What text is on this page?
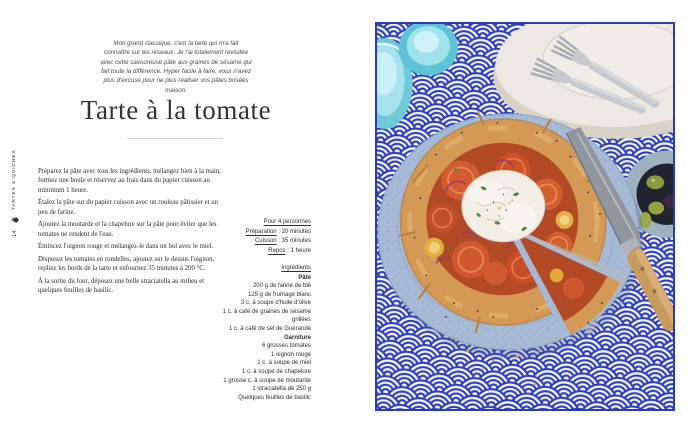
14
TARTES & QUICHES

Mon grand classique, c'est la tarte qui m'a fait connaître sur les réseaux. Je l'ai totalement revisitée avec cette savoureuse pâte aux graines de sésame qui fait toute la différence. Hyper facile à faire, vous n'avez plus d'excuse pour ne plus réaliser vos pâtes brisées maison.

Tarte à la tomate

Préparez la pâte avec tous les ingrédients, mélangez bien à la main, formez une boule et réservez au frais dans du papier cuisson au minimum 1 heure.

Étalez la pâte sur du papier cuisson avec un rouleau pâtissier et un peu de farine.

Ajoutez la moutarde et la chapelure sur la pâte pour éviter que les tomates ne rendent de l'eau.

Émincez l'oignon rouge et mélangez-le dans un bol avec le miel.

Disposez les tomates en rondelles, ajoutez sur le dessus l'oignon, repliez les bords de la tarte et enfournez 35 minutes à 200 °C.

À la sortie du four, déposez une belle straciatella au milieu et quelques feuilles de basilic.

Pour 4 personnes
Préparation : 20 minutes
Cuisson : 35 minutes
Repos : 1 heure
Ingrédients
Pâte
200 g de farine de blé
125 g de fromage blanc
3 c. à soupe d'huile d'olive
1 c. à café de graines de sésame grillées
1 c. à café de sel de Guérande
Garniture
6 grosses tomates
1 oignon rouge
1 c. à soupe de miel
1 c. à soupe de chapelure
1 grosse c. à soupe de moutarde
1 straciatella de 250 g
Quelques feuilles de basilic
